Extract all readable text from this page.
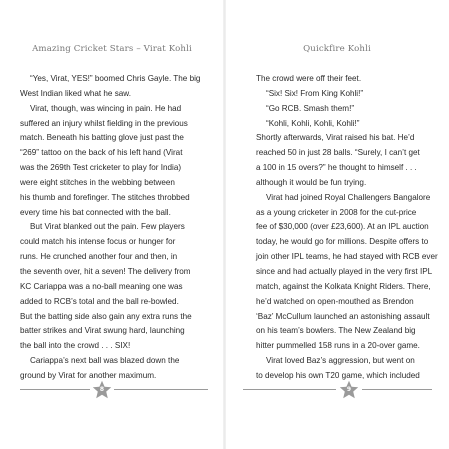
Amazing Cricket Stars – Virat Kohli
“Yes, Virat, YES!” boomed Chris Gayle. The big
West Indian liked what he saw.
Virat, though, was wincing in pain. He had
suffered an injury whilst fielding in the previous
match. Beneath his batting glove just past the
“269” tattoo on the back of his left hand (Virat
was the 269th Test cricketer to play for India)
were eight stitches in the webbing between
his thumb and forefinger. The stitches throbbed
every time his bat connected with the ball.
But Virat blanked out the pain. Few players
could match his intense focus or hunger for
runs. He crunched another four and then, in
the seventh over, hit a seven! The delivery from
KC Cariappa was a no-ball meaning one was
added to RCB’s total and the ball re-bowled.
But the batting side also gain any extra runs the
batter strikes and Virat swung hard, launching
the ball into the crowd . . . SIX!
Cariappa’s next ball was blazed down the
ground by Virat for another maximum.
8
Quickfire Kohli
9
The crowd were off their feet.
“Six! Six! From King Kohli!”
“Go RCB. Smash them!”
“Kohli, Kohli, Kohli, Kohli!”
Shortly afterwards, Virat raised his bat. He’d
reached 50 in just 28 balls. “Surely, I can’t get
a 100 in 15 overs?” he thought to himself . . .
although it would be fun trying.
Virat had joined Royal Challengers Bangalore
as a young cricketer in 2008 for the cut-price
fee of $30,000 (over £23,600). At an IPL auction
today, he would go for millions. Despite offers to
join other IPL teams, he had stayed with RCB ever
since and had actually played in the very first IPL
match, against the Kolkata Knight Riders. There,
he’d watched on open-mouthed as Brendon
‘Baz’ McCullum launched an astonishing assault
on his team’s bowlers. The New Zealand big
hitter pummelled 158 runs in a 20-over game.
Virat loved Baz’s aggression, but went on
to develop his own T20 game, which included
